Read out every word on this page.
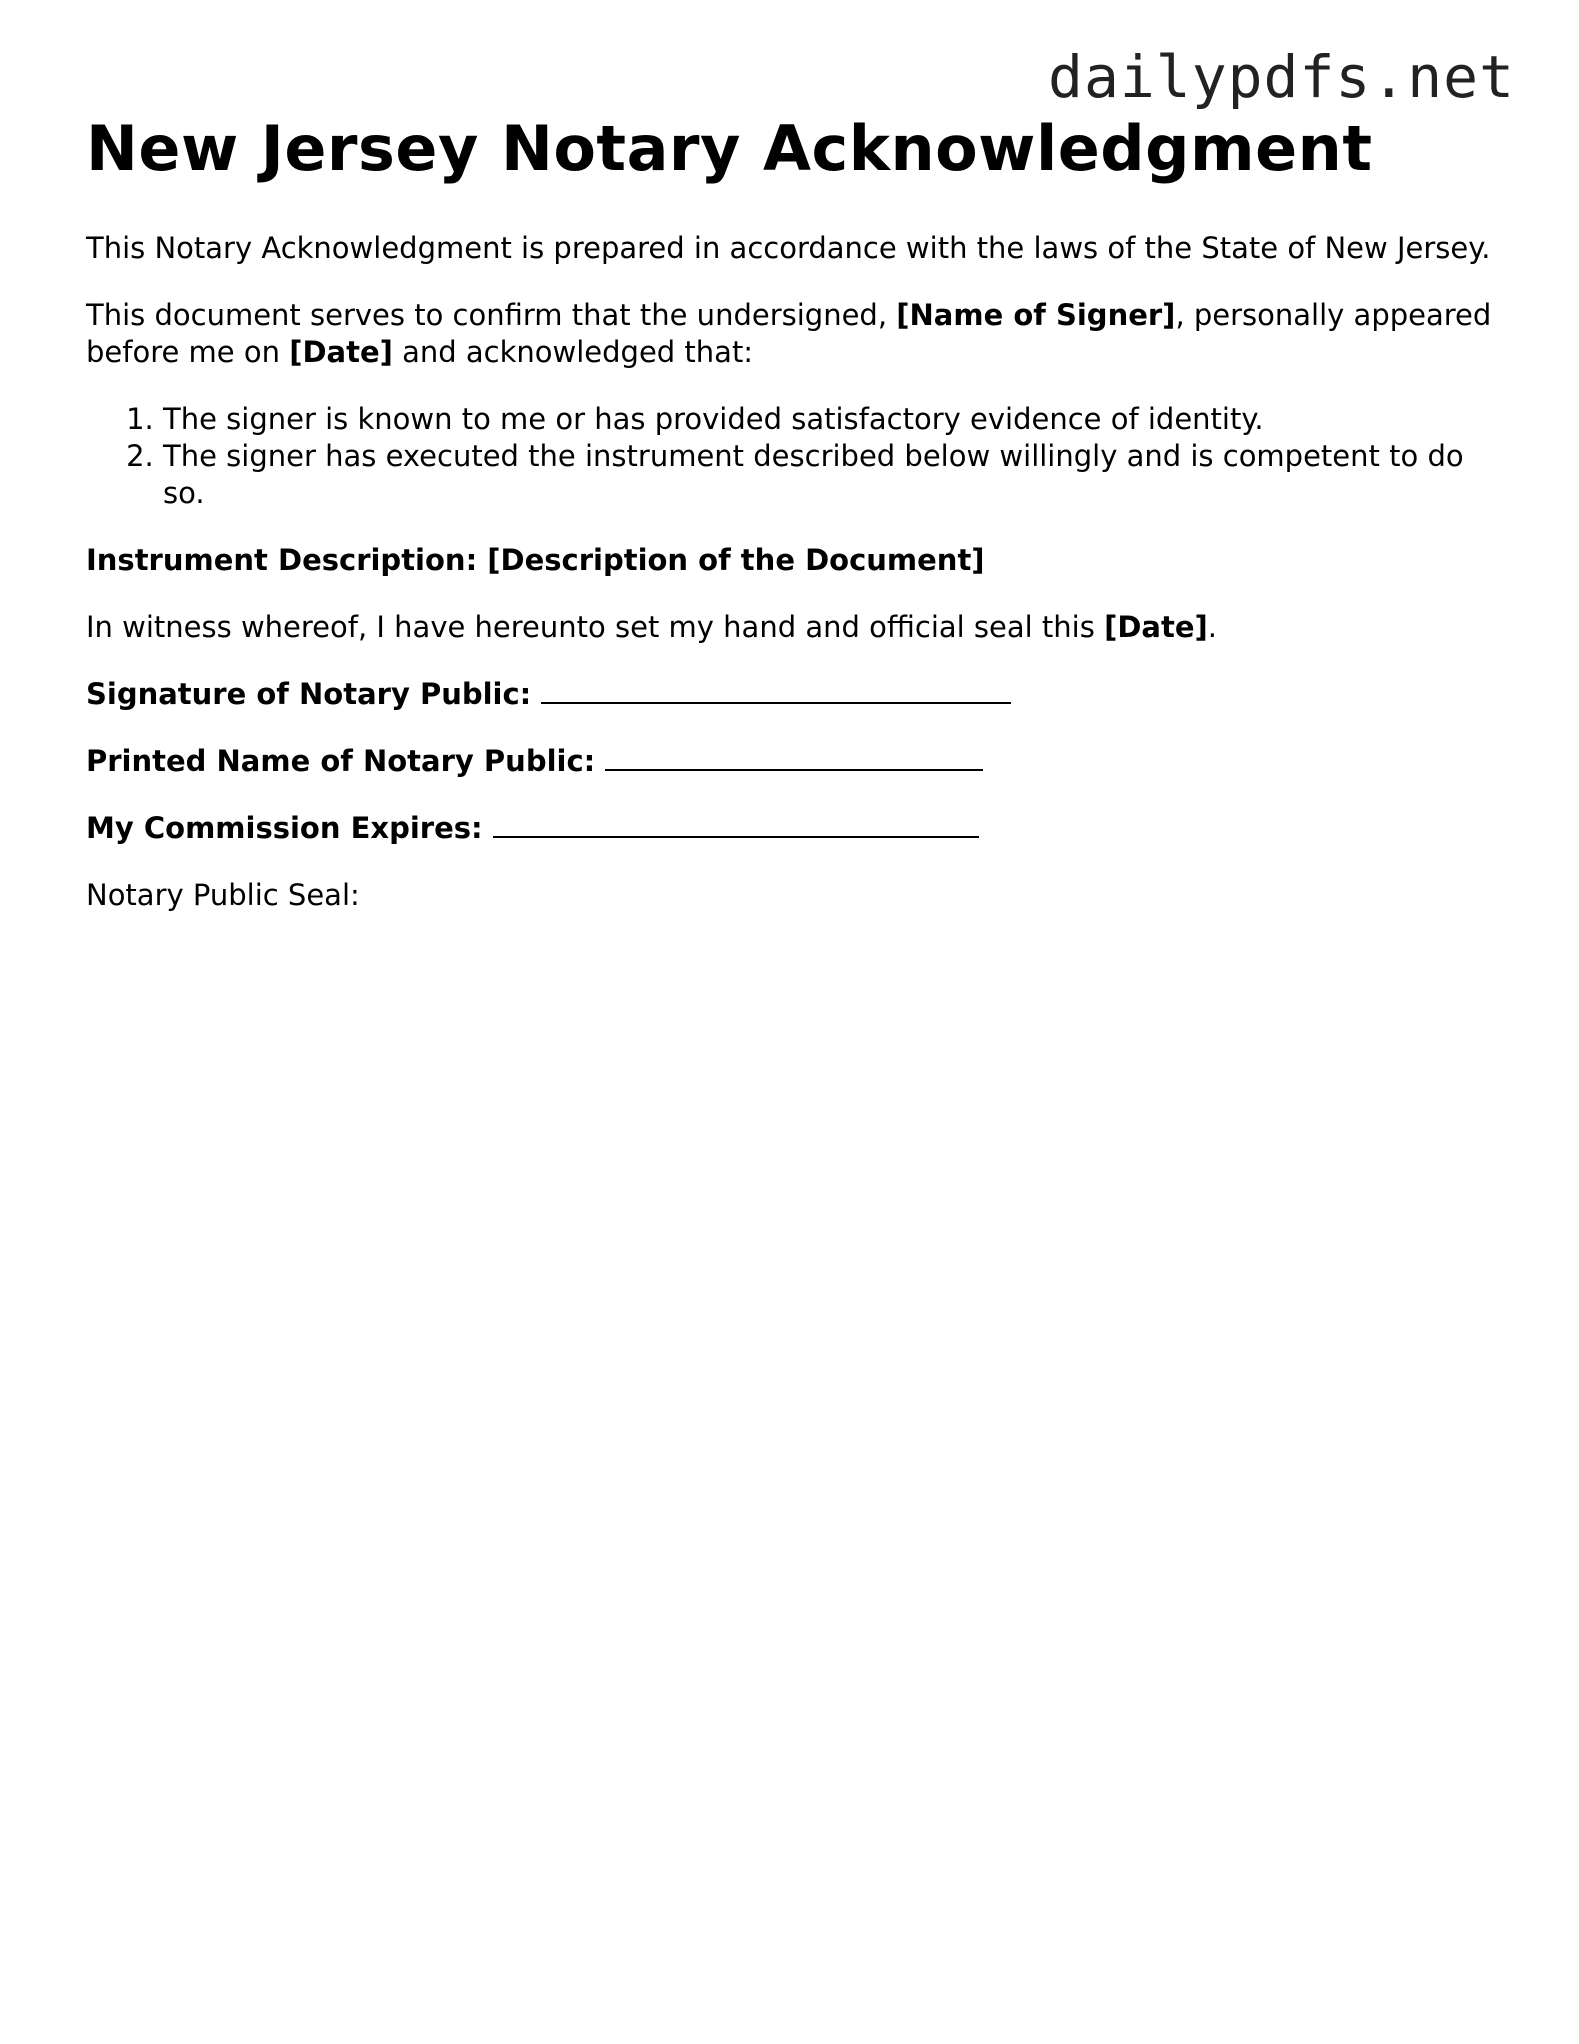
dailypdfs.net
New Jersey Notary Acknowledgment

This Notary Acknowledgment is prepared in accordance with the laws of the State of New Jersey.

This document serves to confirm that the undersigned, [Name of Signer], personally appeared before me on [Date] and acknowledged that:

1. The signer is known to me or has provided satisfactory evidence of identity.
2. The signer has executed the instrument described below willingly and is competent to do so.

Instrument Description: [Description of the Document]

In witness whereof, I have hereunto set my hand and official seal this [Date].

Signature of Notary Public:

Printed Name of Notary Public:

My Commission Expires:

Notary Public Seal:
